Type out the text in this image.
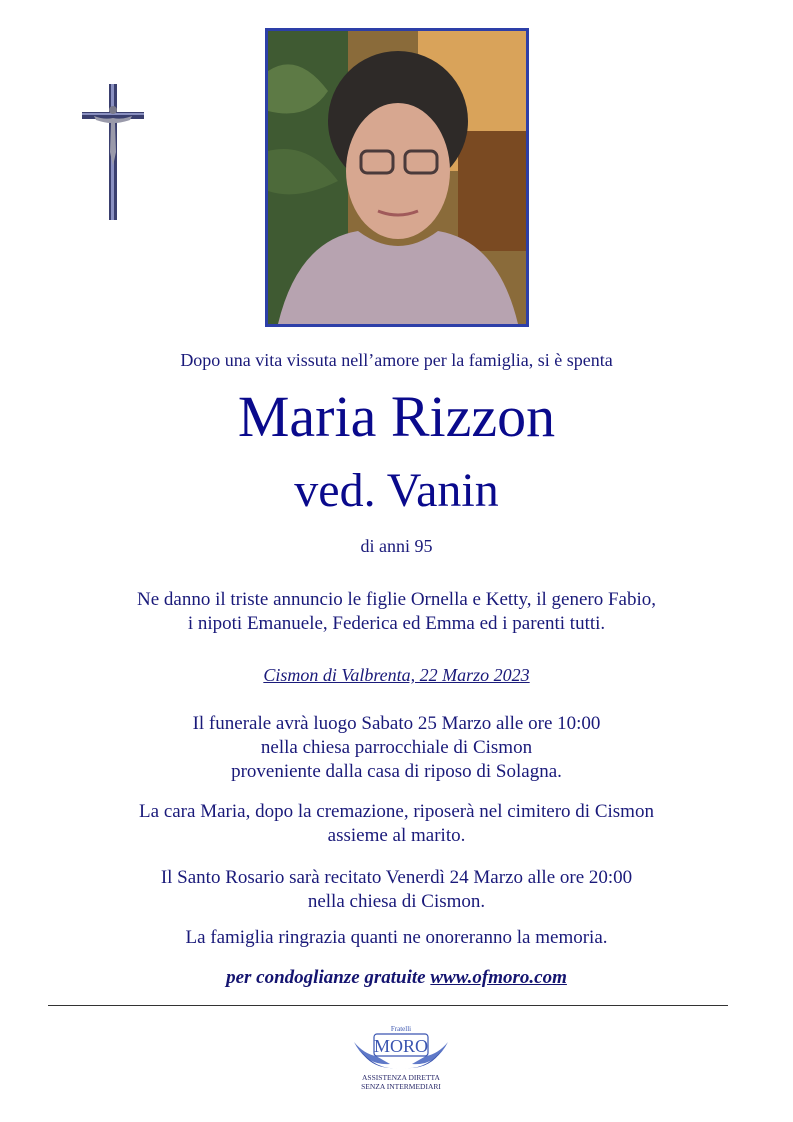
Dopo una vita vissuta nell’amore per la famiglia, si è spenta
Maria Rizzon
ved. Vanin
di anni 95
Ne danno il triste annuncio le figlie Ornella e Ketty, il genero Fabio,
i nipoti Emanuele, Federica ed Emma ed i parenti tutti.
Cismon di Valbrenta, 22 Marzo 2023
Il funerale avrà luogo Sabato 25 Marzo alle ore 10:00
nella chiesa parrocchiale di Cismon
proveniente dalla casa di riposo di Solagna.
La cara Maria, dopo la cremazione, riposerà nel cimitero di Cismon
assieme al marito.
Il Santo Rosario sarà recitato Venerdì 24 Marzo alle ore 20:00
nella chiesa di Cismon.
La famiglia ringrazia quanti ne onoreranno la memoria.
per condoglianze gratuite www.ofmoro.com
Fratelli
MORO
ASSISTENZA DIRETTA
SENZA INTERMEDIARI
